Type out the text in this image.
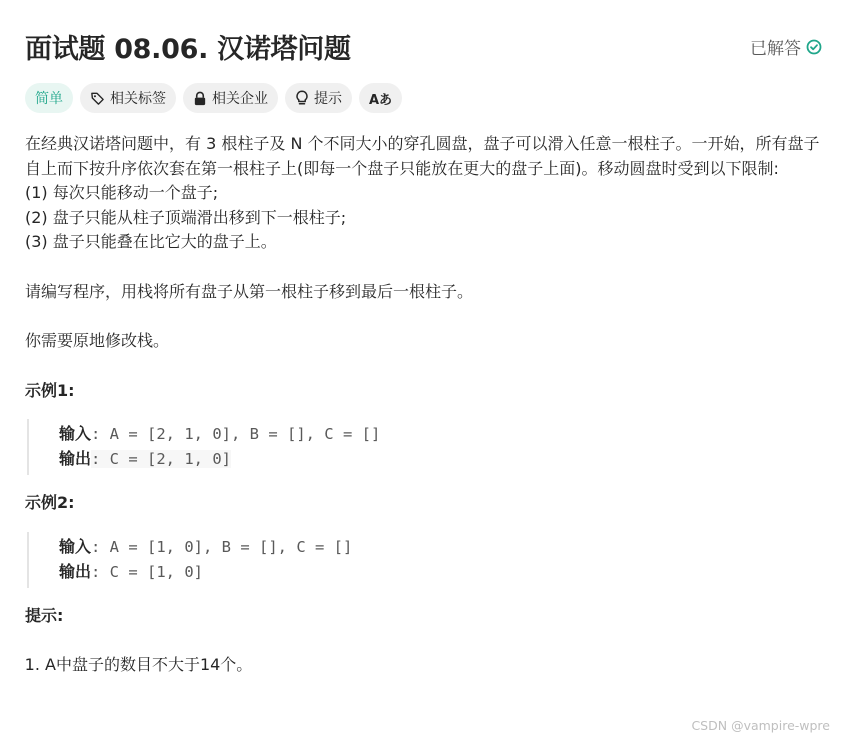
面试题 08.06. 汉诺塔问题	已解答
简单	相关标签	相关企业	提示 Aあ

在经典汉诺塔问题中，有 3 根柱子及 N 个不同大小的穿孔圆盘，盘子可以滑入任意一根柱子。一开始，所有盘子自上而下按升序依次套在第一根柱子上(即每一个盘子只能放在更大的盘子上面)。移动圆盘时受到以下限制:

(1) 每次只能移动一个盘子;

(2) 盘子只能从柱子顶端滑出移到下一根柱子;

(3) 盘子只能叠在比它大的盘子上。

请编写程序，用栈将所有盘子从第一根柱子移到最后一根柱子。

你需要原地修改栈。

示例1:

输入: A = [2, 1, 0], B = [], C = []
输出: C = [2, 1, 0]

示例2:

输入: A = [1, 0], B = [], C = []
输出: C = [1, 0]

提示:

1. A中盘子的数目不大于14个。
CSDN @vampire-wpre
